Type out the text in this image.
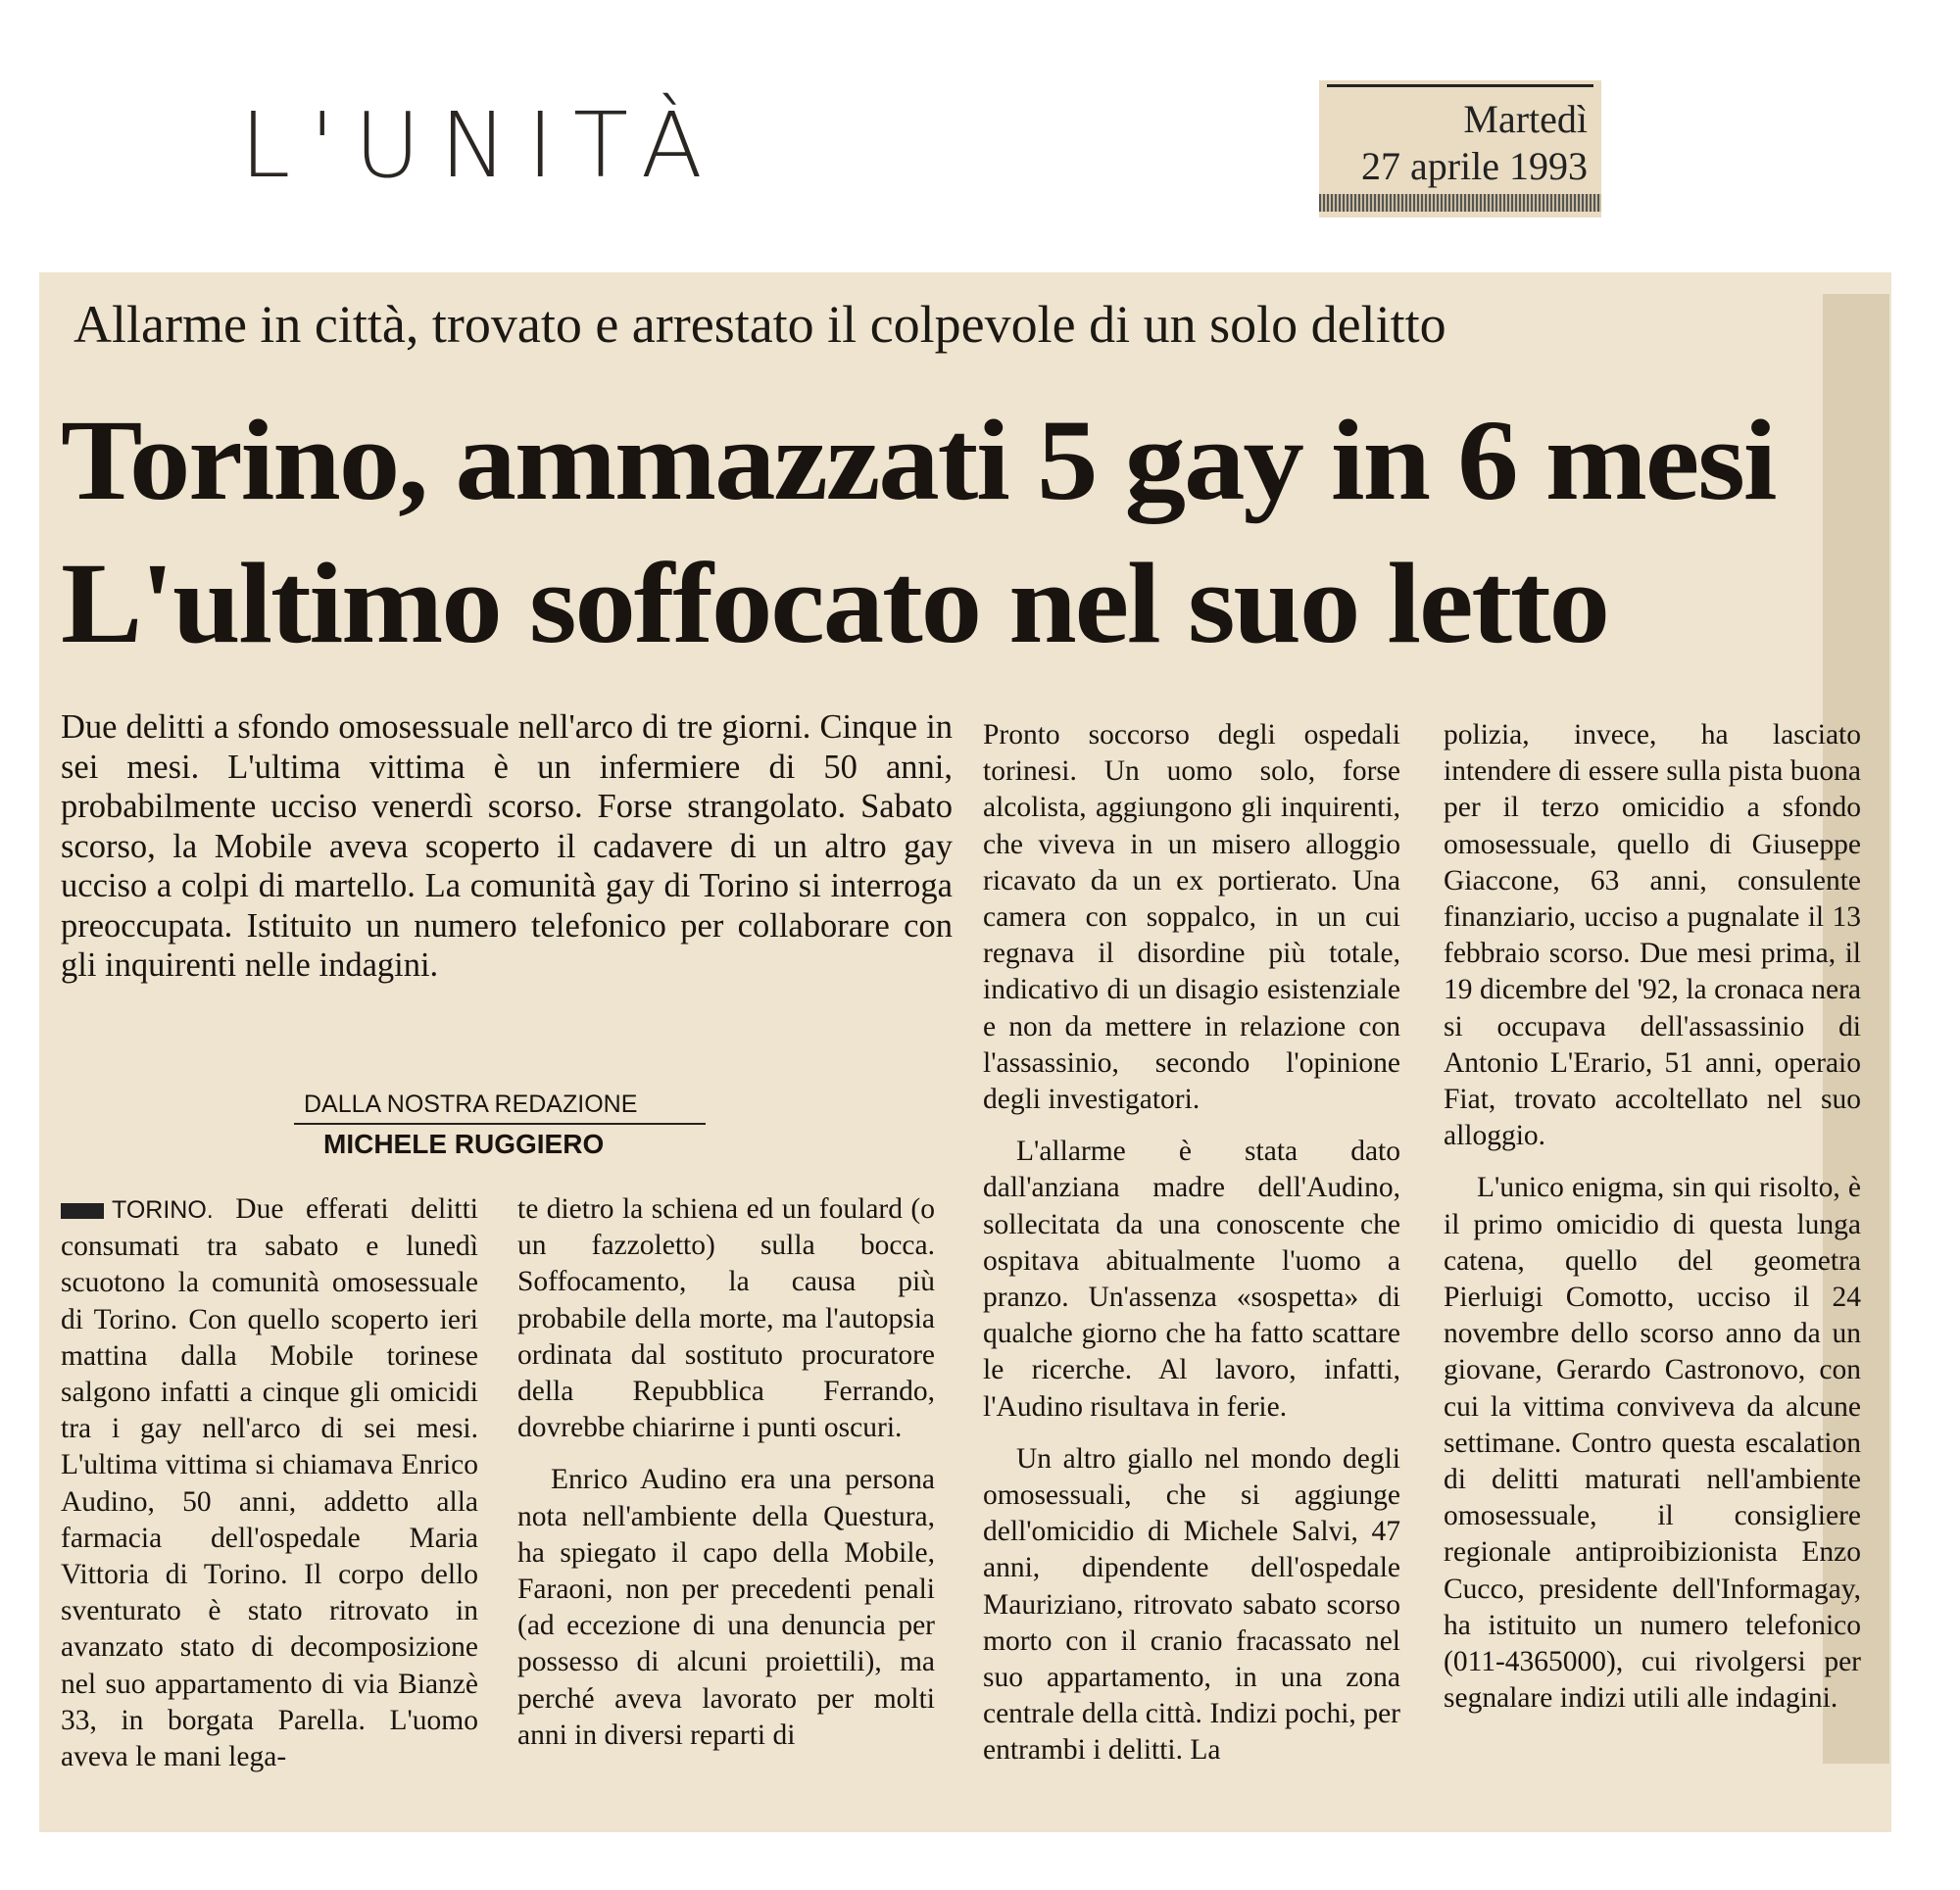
L'UNITÀ	Martedì
27 aprile 1993
Allarme in città, trovato e arrestato il colpevole di un solo delitto
Torino, ammazzati 5 gay in 6 mesi
L'ultimo soffocato nel suo letto
Due delitti a sfondo omosessuale nell'arco di tre giorni. Cinque in sei mesi. L'ultima vittima è un infermiere di 50 anni, probabilmente ucciso venerdì scorso. Forse strangolato. Sabato scorso, la Mobile aveva scoperto il cadavere di un altro gay ucciso a colpi di martello. La comunità gay di Torino si interroga preoccupata. Istituito un numero telefonico per collaborare con gli inquirenti nelle indagini.
DALLA NOSTRA REDAZIONE
MICHELE RUGGIERO

TORINO. Due efferati delitti consumati tra sabato e lunedì scuotono la comunità omosessuale di Torino. Con quello scoperto ieri mattina dalla Mobile torinese salgono infatti a cinque gli omicidi tra i gay nell'arco di sei mesi. L'ultima vittima si chiamava Enrico Audino, 50 anni, addetto alla farmacia dell'ospedale Maria Vittoria di Torino. Il corpo dello sventurato è stato ritrovato in avanzato stato di decomposizione nel suo appartamento di via Bianzè 33, in borgata Parella. L'uomo aveva le mani lega-

te dietro la schiena ed un foulard (o un fazzoletto) sulla bocca. Soffocamento, la causa più probabile della morte, ma l'autopsia ordinata dal sostituto procuratore della Repubblica Ferrando, dovrebbe chiarirne i punti oscuri.

Enrico Audino era una persona nota nell'ambiente della Questura, ha spiegato il capo della Mobile, Faraoni, non per precedenti penali (ad eccezione di una denuncia per possesso di alcuni proiettili), ma perché aveva lavorato per molti anni in diversi reparti di

Pronto soccorso degli ospedali torinesi. Un uomo solo, forse alcolista, aggiungono gli inquirenti, che viveva in un misero alloggio ricavato da un ex portierato. Una camera con soppalco, in un cui regnava il disordine più totale, indicativo di un disagio esistenziale e non da mettere in relazione con l'assassinio, secondo l'opinione degli investigatori.

L'allarme è stata dato dall'anziana madre dell'Audino, sollecitata da una conoscente che ospitava abitualmente l'uomo a pranzo. Un'assenza «sospetta» di qualche giorno che ha fatto scattare le ricerche. Al lavoro, infatti, l'Audino risultava in ferie.

Un altro giallo nel mondo degli omosessuali, che si aggiunge dell'omicidio di Michele Salvi, 47 anni, dipendente dell'ospedale Mauriziano, ritrovato sabato scorso morto con il cranio fracassato nel suo appartamento, in una zona centrale della città. Indizi pochi, per entrambi i delitti. La

polizia, invece, ha lasciato intendere di essere sulla pista buona per il terzo omicidio a sfondo omosessuale, quello di Giuseppe Giaccone, 63 anni, consulente finanziario, ucciso a pugnalate il 13 febbraio scorso. Due mesi prima, il 19 dicembre del '92, la cronaca nera si occupava dell'assassinio di Antonio L'Erario, 51 anni, operaio Fiat, trovato accoltellato nel suo alloggio.

L'unico enigma, sin qui risolto, è il primo omicidio di questa lunga catena, quello del geometra Pierluigi Comotto, ucciso il 24 novembre dello scorso anno da un giovane, Gerardo Castronovo, con cui la vittima conviveva da alcune settimane. Contro questa escalation di delitti maturati nell'ambiente omosessuale, il consigliere regionale antiproibizionista Enzo Cucco, presidente dell'Informagay, ha istituito un numero telefonico (011-4365000), cui rivolgersi per segnalare indizi utili alle indagini.
